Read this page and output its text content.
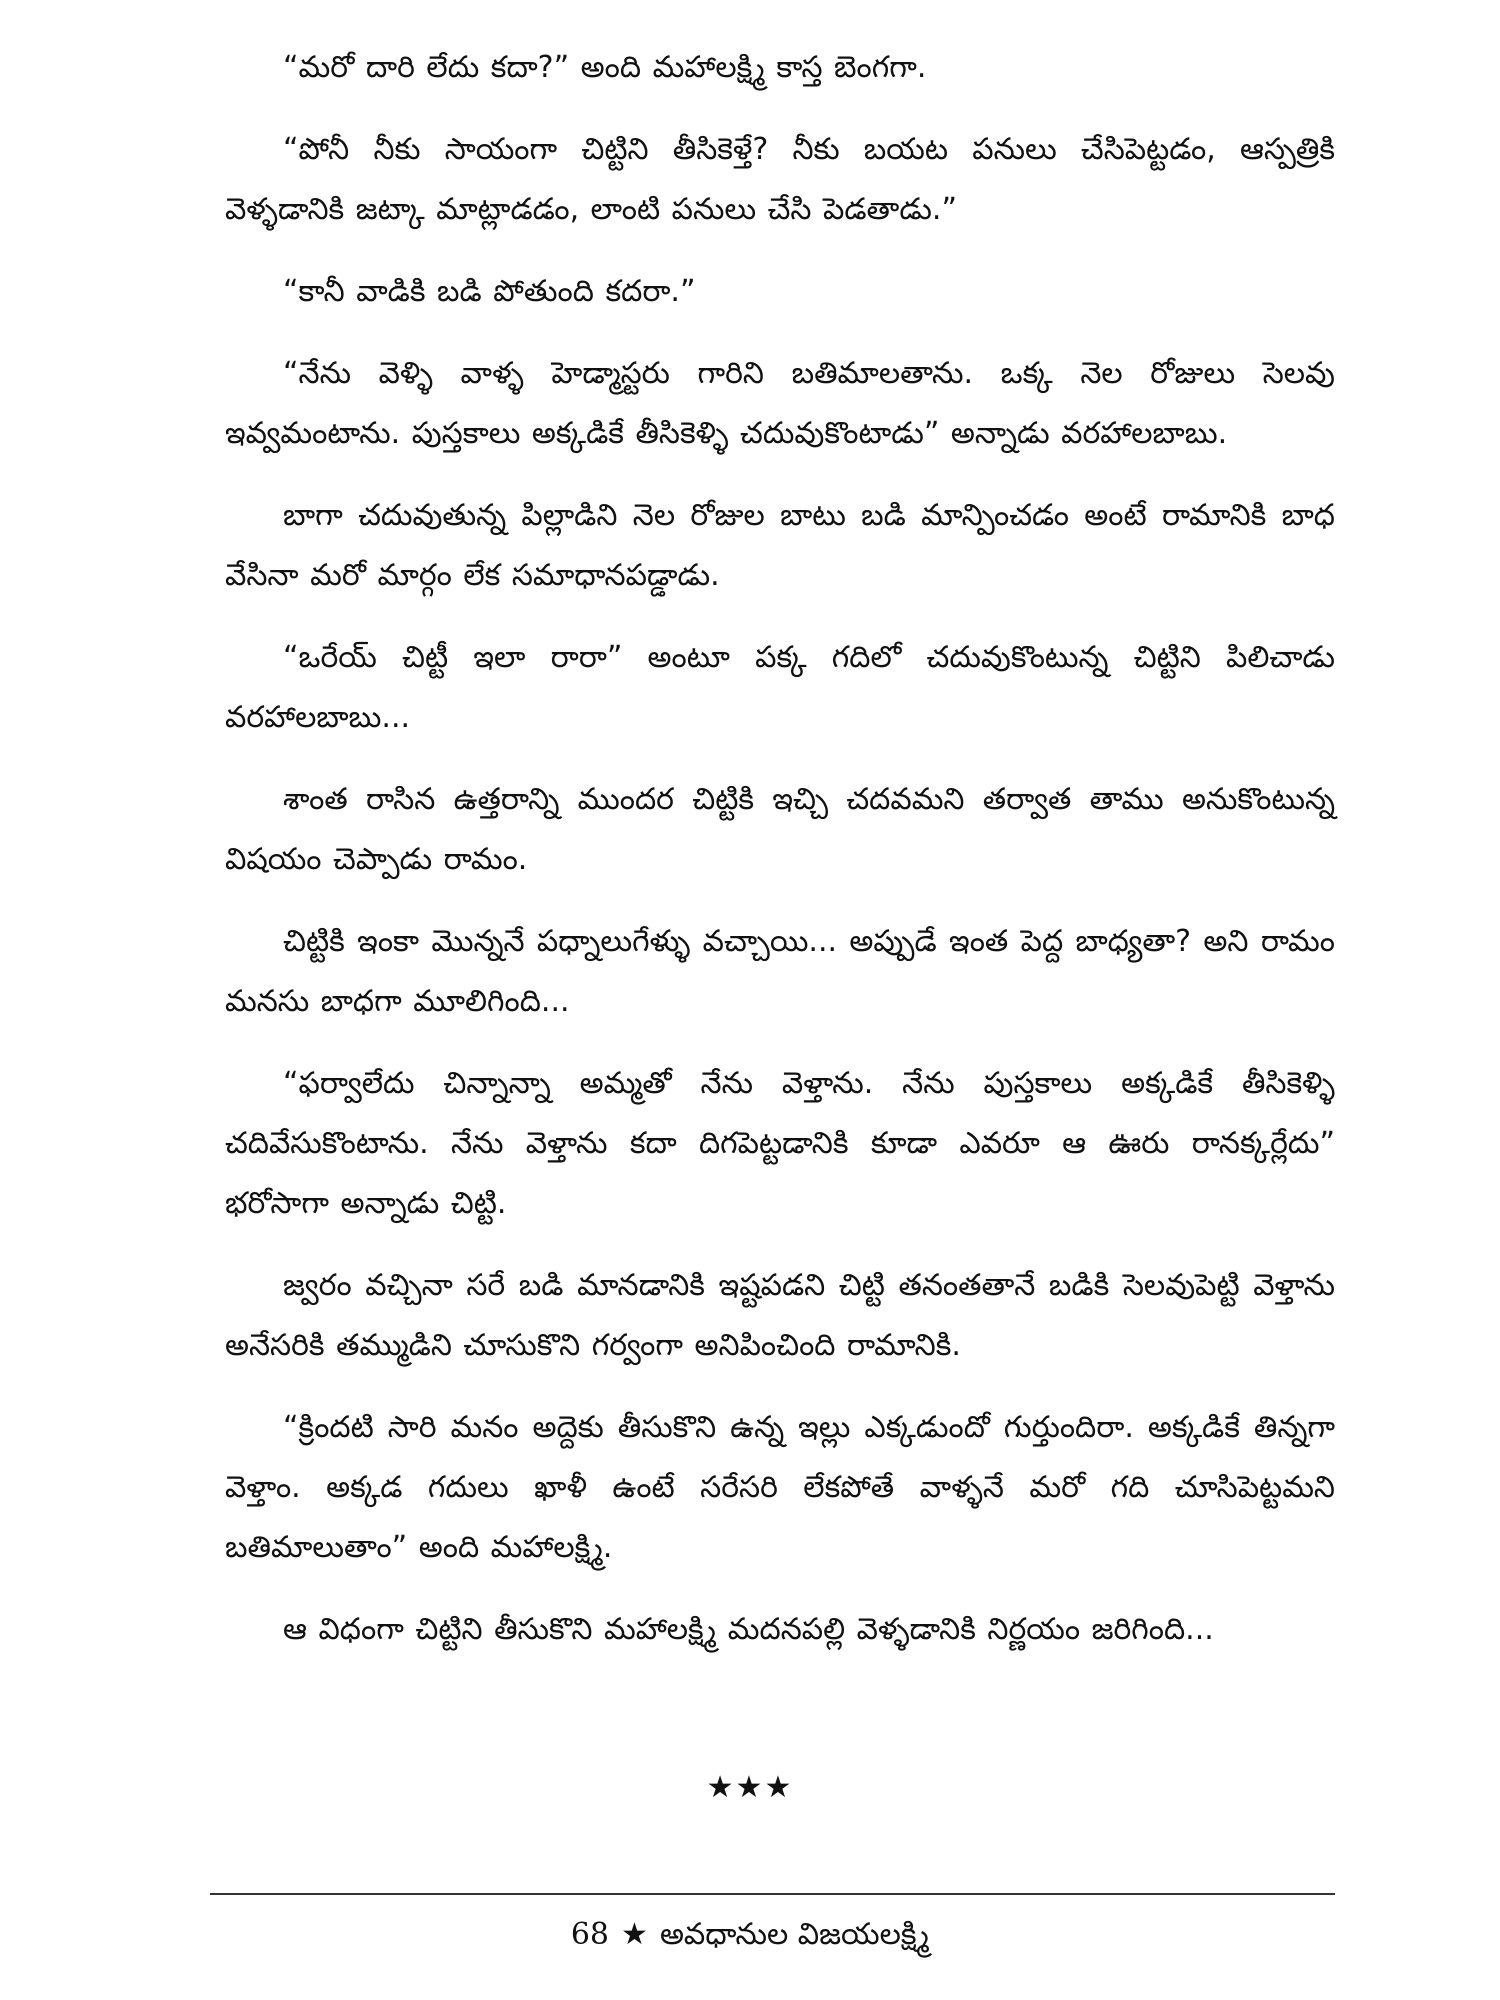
“మరో దారి లేదు కదా?” అంది మహాలక్ష్మి కాస్త బెంగగా.

“పోనీ నీకు సాయంగా చిట్టిని తీసికెళ్తే? నీకు బయట పనులు చేసిపెట్టడం, ఆస్పత్రికి వెళ్ళడానికి జట్కా మాట్లాడడం, లాంటి పనులు చేసి పెడతాడు.”

“కానీ వాడికి బడి పోతుంది కదరా.”

“నేను వెళ్ళి వాళ్ళ హెడ్మాస్టరు గారిని బతిమాలతాను. ఒక్క నెల రోజులు సెలవు ఇవ్వమంటాను. పుస్తకాలు అక్కడికే తీసికెళ్ళి చదువుకొంటాడు” అన్నాడు వరహాలబాబు.

బాగా చదువుతున్న పిల్లాడిని నెల రోజుల బాటు బడి మాన్పించడం అంటే రామానికి బాధ వేసినా మరో మార్గం లేక సమాధానపడ్డాడు.

“ఒరేయ్ చిట్టీ ఇలా రారా” అంటూ పక్క గదిలో చదువుకొంటున్న చిట్టిని పిలిచాడు వరహాలబాబు...

శాంత రాసిన ఉత్తరాన్ని ముందర చిట్టికి ఇచ్చి చదవమని తర్వాత తాము అనుకొంటున్న విషయం చెప్పాడు రామం.

చిట్టికి ఇంకా మొన్ననే పధ్నాలుగేళ్ళు వచ్చాయి... అప్పుడే ఇంత పెద్ద బాధ్యతా? అని రామం మనసు బాధగా మూలిగింది...

“ఫర్వాలేదు చిన్నాన్నా అమ్మతో నేను వెళ్తాను. నేను పుస్తకాలు అక్కడికే తీసికెళ్ళి చదివేసుకొంటాను. నేను వెళ్తాను కదా దిగపెట్టడానికి కూడా ఎవరూ ఆ ఊరు రానక్కర్లేదు” భరోసాగా అన్నాడు చిట్టి.

జ్వరం వచ్చినా సరే బడి మానడానికి ఇష్టపడని చిట్టి తనంతతానే బడికి సెలవుపెట్టి వెళ్తాను అనేసరికి తమ్ముడిని చూసుకొని గర్వంగా అనిపించింది రామానికి.

“క్రిందటి సారి మనం అద్దెకు తీసుకొని ఉన్న ఇల్లు ఎక్కడుందో గుర్తుందిరా. అక్కడికే తిన్నగా వెళ్తాం. అక్కడ గదులు ఖాళీ ఉంటే సరేసరి లేకపోతే వాళ్ళనే మరో గది చూసిపెట్టమని బతిమాలుతాం” అంది మహాలక్ష్మి.

ఆ విధంగా చిట్టిని తీసుకొని మహాలక్ష్మి మదనపల్లి వెళ్ళడానికి నిర్ణయం జరిగింది...

★★★
68 ★ అవధానుల విజయలక్ష్మి
